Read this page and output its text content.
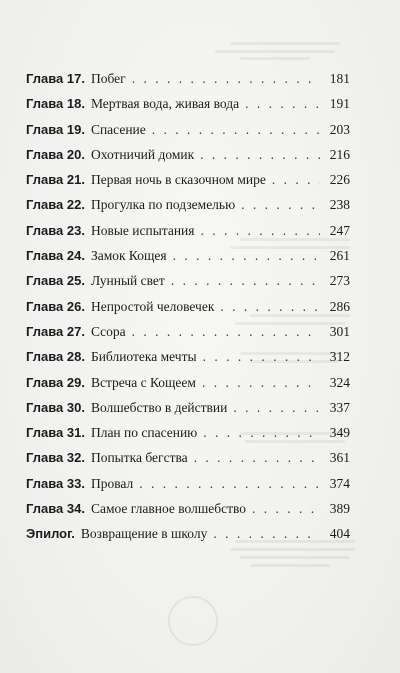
Глава 17. Побег . . .	181
Глава 18. Мертвая вода, живая вода . . .	191
Глава 19. Спасение . . .	203
Глава 20. Охотничий домик . . .	216
Глава 21. Первая ночь в сказочном мире . . .	226
Глава 22. Прогулка по подземелью . . .	238
Глава 23. Новые испытания . . .	247
Глава 24. Замок Кощея . . .	261
Глава 25. Лунный свет . . .	273
Глава 26. Непростой человечек . . .	286
Глава 27. Ссора . . .	301
Глава 28. Библиотека мечты . . .	312
Глава 29. Встреча с Кощеем . . .	324
Глава 30. Волшебство в действии . . .	337
Глава 31. План по спасению . . .	349
Глава 32. Попытка бегства . . .	361
Глава 33. Провал . . .	374
Глава 34. Самое главное волшебство . . .	389
Эпилог. Возвращение в школу . . .	404
